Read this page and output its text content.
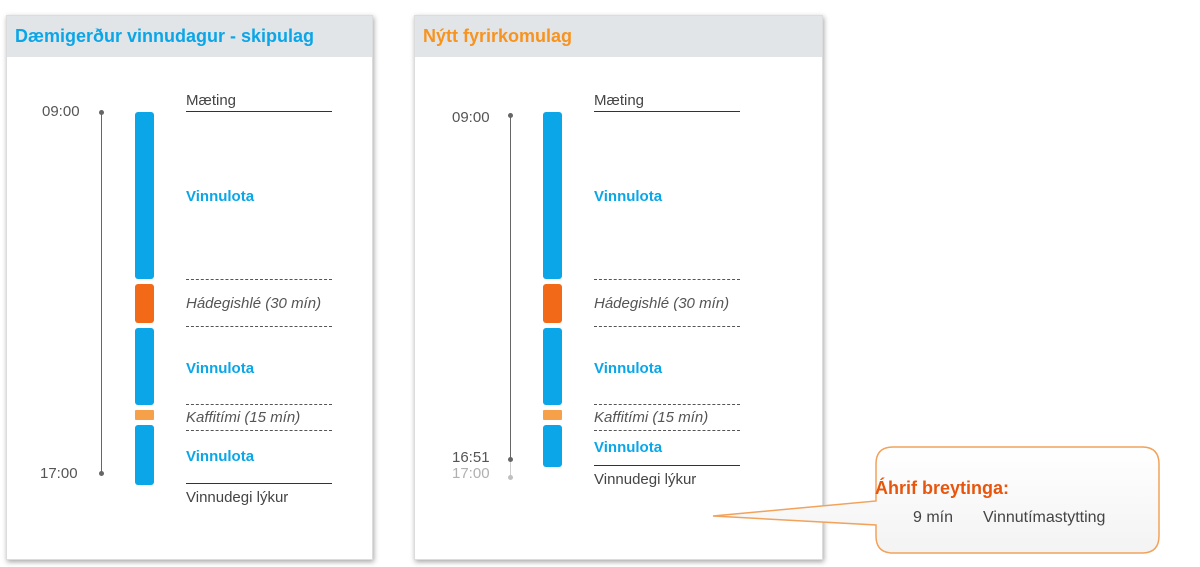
Dæmigerður vinnudagur - skipulag
09:00
17:00
Mæting
Vinnulota
Hádegishlé (30 mín)
Vinnulota
Kaffitími (15 mín)
Vinnulota
Vinnudegi lýkur
Nýtt fyrirkomulag
09:00
16:51
17:00
Mæting
Vinnulota
Hádegishlé (30 mín)
Vinnulota
Kaffitími (15 mín)
Vinnulota
Vinnudegi lýkur	Áhrif breytinga:
9 mín Vinnutímastytting
